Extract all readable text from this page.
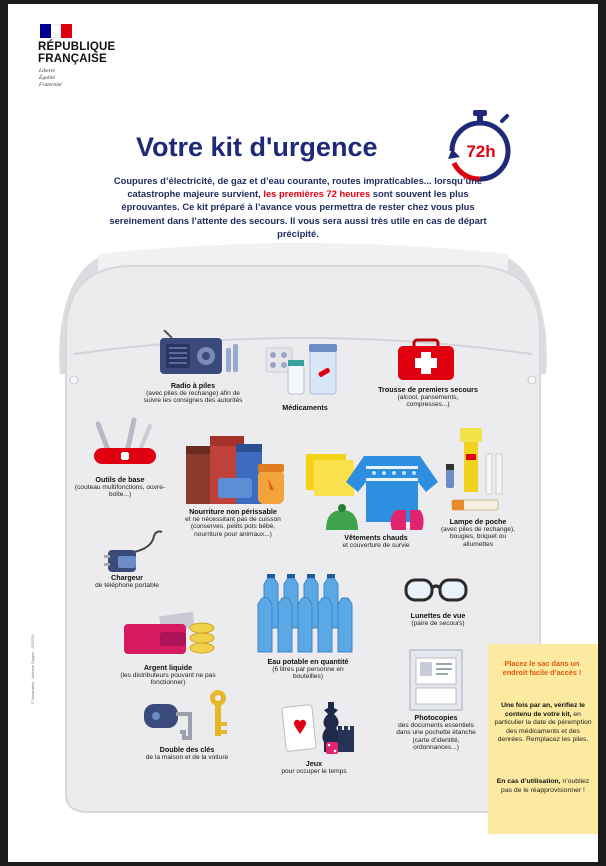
RÉPUBLIQUE
FRANÇAISE
Liberté
Égalité
Fraternité
Votre kit d'urgence	72h
Coupures d’électricité, de gaz et d’eau courante, routes impraticables... lorsqu’une catastrophe majeure survient, les premières 72 heures sont souvent les plus éprouvantes. Ce kit préparé à l’avance vous permettra de rester chez vous plus sereinement dans l’attente des secours. Il vous sera aussi très utile en cas de départ précipité.
Radio à piles
(avec piles de rechange) afin de suivre les consignes des autorités
Médicaments
Trousse de premiers secours
(alcool, pansements, compresses...)
Outils de base
(couteau multifonctions, ouvre-boîte...)
Nourriture non périssable
et ne nécessitant pas de cuisson (conserves, petits pots bébé, nourriture pour animaux...)	Vêtements chauds
et couverture de survie
Lampe de poche
(avec piles de rechange), bougies, briquet ou allumettes
Chargeur
de téléphone portable
Eau potable en quantité
(6 litres par personne en bouteilles)
Lunettes de vue
(paire de secours)
Argent liquide
(les distributeurs pouvant ne pas fonctionner)
Photocopies
des documents essentiels dans une pochette étanche (carte d’identité, ordonnances...)
Double des clés
de la maison et de la voiture
Jeux
pour occuper le temps
Placez le sac dans un endroit facile d’accès !
Une fois par an, vérifiez le contenu de votre kit, en particulier la date de péremption des médicaments et des denrées. Remplacez les piles.
En cas d’utilisation, n’oubliez pas de le réapprovisionner !
© Illustration : Antoine Dagan - SGDSN
